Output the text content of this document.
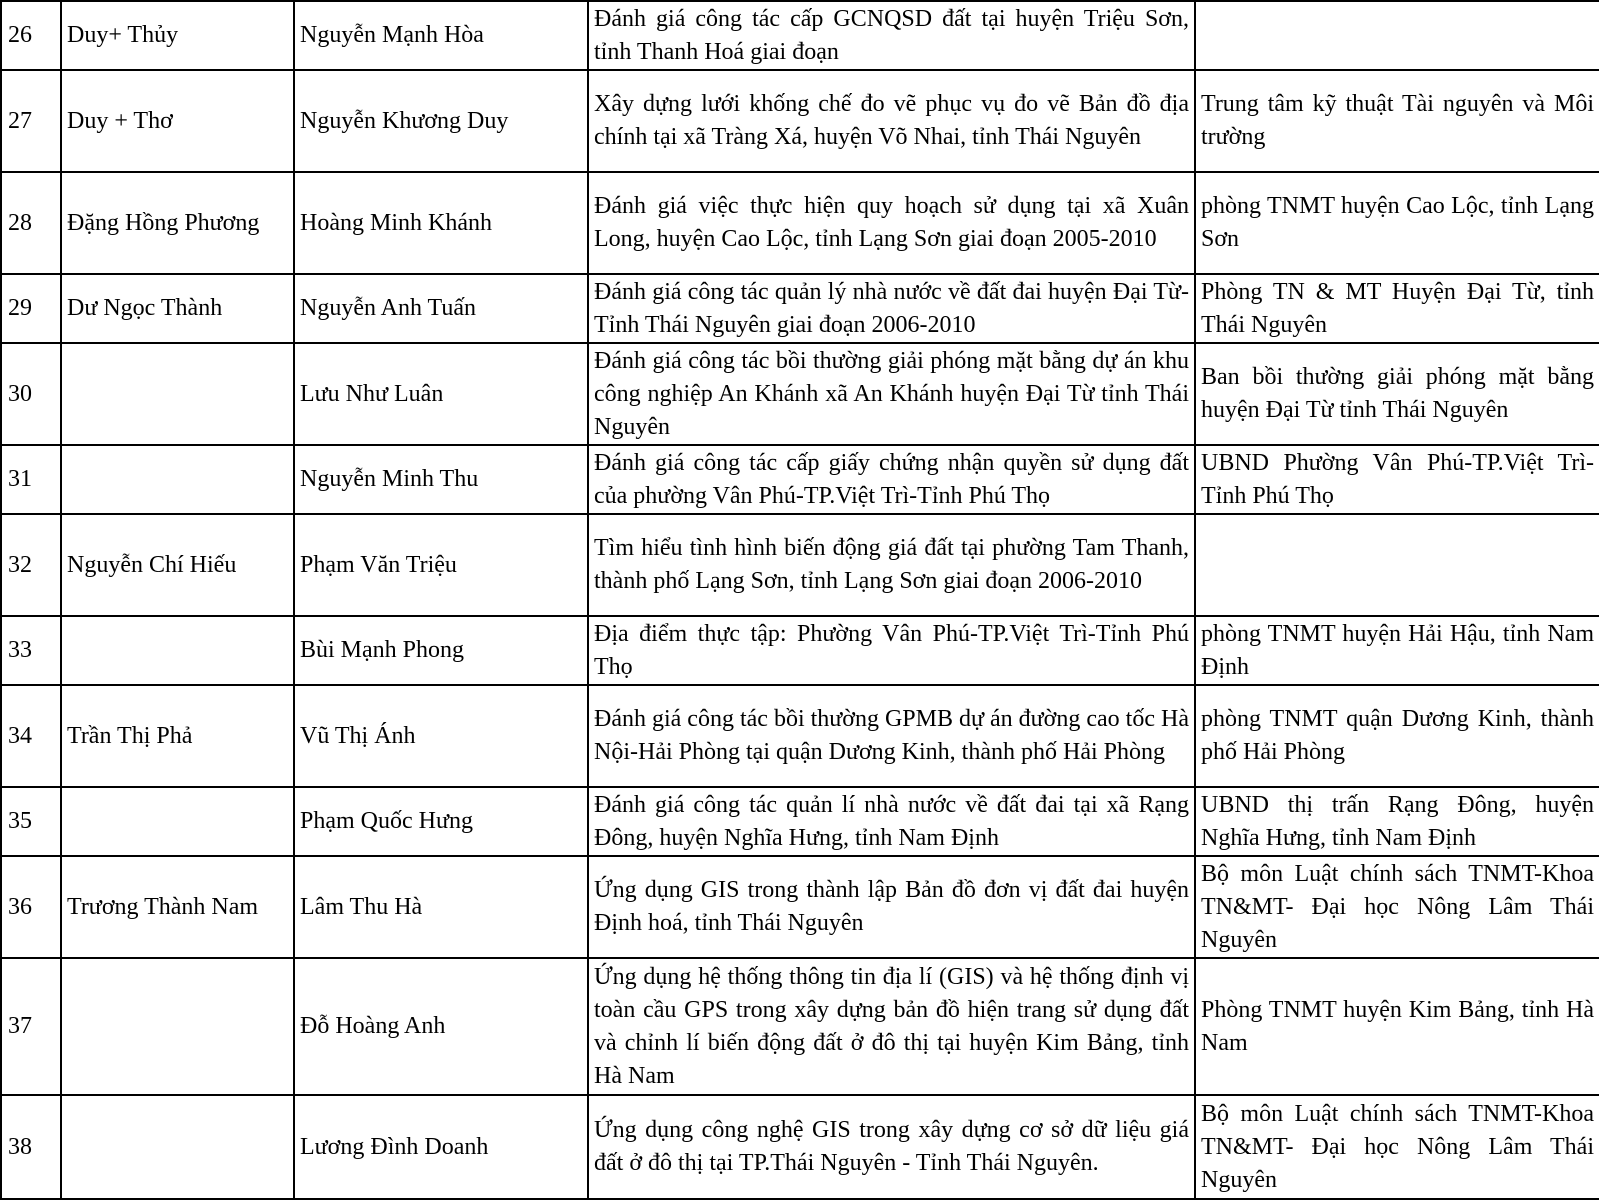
26	Duy+ Thủy	Nguyễn Mạnh Hòa	Đánh giá công tác cấp GCNQSD đất tại huyện Triệu Sơn, tỉnh Thanh Hoá giai đoạn	
27	Duy + Thơ	Nguyễn Khương Duy	Xây dựng lưới khống chế đo vẽ phục vụ đo vẽ Bản đồ địa chính tại xã Tràng Xá, huyện Võ Nhai, tỉnh Thái Nguyên	Trung tâm kỹ thuật Tài nguyên và Môi trường
28	Đặng Hồng Phương	Hoàng Minh Khánh	Đánh giá việc thực hiện quy hoạch sử dụng tại xã Xuân Long, huyện Cao Lộc, tỉnh Lạng Sơn giai đoạn 2005-2010	phòng TNMT huyện Cao Lộc, tỉnh Lạng Sơn
29	Dư Ngọc Thành	Nguyễn Anh Tuấn	Đánh giá công tác quản lý nhà nước về đất đai huyện Đại Từ-Tỉnh Thái Nguyên giai đoạn 2006-2010	Phòng TN & MT Huyện Đại Từ, tỉnh Thái Nguyên
30		Lưu Như Luân	Đánh giá công tác bồi thường giải phóng mặt bằng dự án khu công nghiệp An Khánh xã An Khánh huyện Đại Từ tỉnh Thái Nguyên	Ban bồi thường giải phóng mặt bằng huyện Đại Từ tỉnh Thái Nguyên
31		Nguyễn Minh Thu	Đánh giá công tác cấp giấy chứng nhận quyền sử dụng đất của phường Vân Phú-TP.Việt Trì-Tỉnh Phú Thọ	UBND Phường Vân Phú-TP.Việt Trì-Tỉnh Phú Thọ
32	Nguyễn Chí Hiếu	Phạm Văn Triệu	Tìm hiểu tình hình biến động giá đất tại phường Tam Thanh, thành phố Lạng Sơn, tỉnh Lạng Sơn giai đoạn 2006-2010	
33		Bùi Mạnh Phong	Địa điểm thực tập: Phường Vân Phú-TP.Việt Trì-Tỉnh Phú Thọ	phòng TNMT huyện Hải Hậu, tỉnh Nam Định
34	Trần Thị Phả	Vũ Thị Ánh	Đánh giá công tác bồi thường GPMB dự án đường cao tốc Hà Nội-Hải Phòng tại quận Dương Kinh, thành phố Hải Phòng	phòng TNMT quận Dương Kinh, thành phố Hải Phòng
35		Phạm Quốc Hưng	Đánh giá công tác quản lí nhà nước về đất đai tại xã Rạng Đông, huyện Nghĩa Hưng, tỉnh Nam Định	UBND thị trấn Rạng Đông, huyện Nghĩa Hưng, tỉnh Nam Định
36	Trương Thành Nam	Lâm Thu Hà	Ứng dụng GIS trong thành lập Bản đồ đơn vị đất đai huyện Định hoá, tỉnh Thái Nguyên	Bộ môn Luật chính sách TNMT-Khoa TN&MT- Đại học Nông Lâm Thái Nguyên
37		Đỗ Hoàng Anh	Ứng dụng hệ thống thông tin địa lí (GIS) và hệ thống định vị toàn cầu GPS trong xây dựng bản đồ hiện trang sử dụng đất và chỉnh lí biến động đất ở đô thị tại huyện Kim Bảng, tỉnh Hà Nam	Phòng TNMT huyện Kim Bảng, tỉnh Hà Nam
38		Lương Đình Doanh	Ứng dụng công nghệ GIS trong xây dựng cơ sở dữ liệu giá đất ở đô thị tại TP.Thái Nguyên - Tỉnh Thái Nguyên.	Bộ môn Luật chính sách TNMT-Khoa TN&MT- Đại học Nông Lâm Thái Nguyên
